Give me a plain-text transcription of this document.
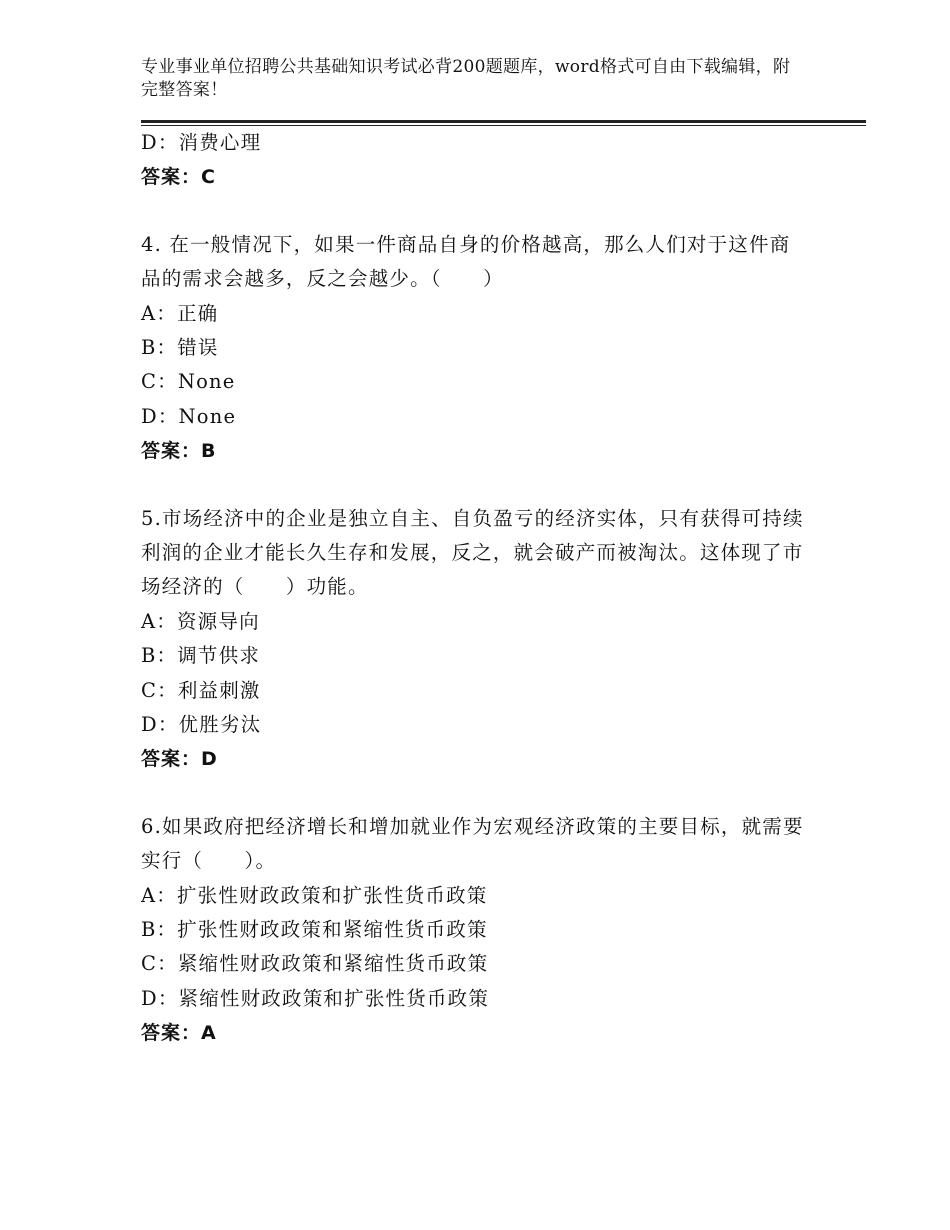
专业事业单位招聘公共基础知识考试必背200题题库，word格式可自由下载编辑，附完整答案！
D：消费心理
答案：C
4. 在一般情况下，如果一件商品自身的价格越高，那么人们对于这件商品的需求会越多，反之会越少。（　　）
A：正确
B：错误
C：None
D：None
答案：B
5.市场经济中的企业是独立自主、自负盈亏的经济实体，只有获得可持续利润的企业才能长久生存和发展，反之，就会破产而被淘汰。这体现了市场经济的（　　）功能。
A：资源导向
B：调节供求
C：利益刺激
D：优胜劣汰
答案：D
6.如果政府把经济增长和增加就业作为宏观经济政策的主要目标，就需要实行（　　）。
A：扩张性财政政策和扩张性货币政策
B：扩张性财政政策和紧缩性货币政策
C：紧缩性财政政策和紧缩性货币政策
D：紧缩性财政政策和扩张性货币政策
答案：A
